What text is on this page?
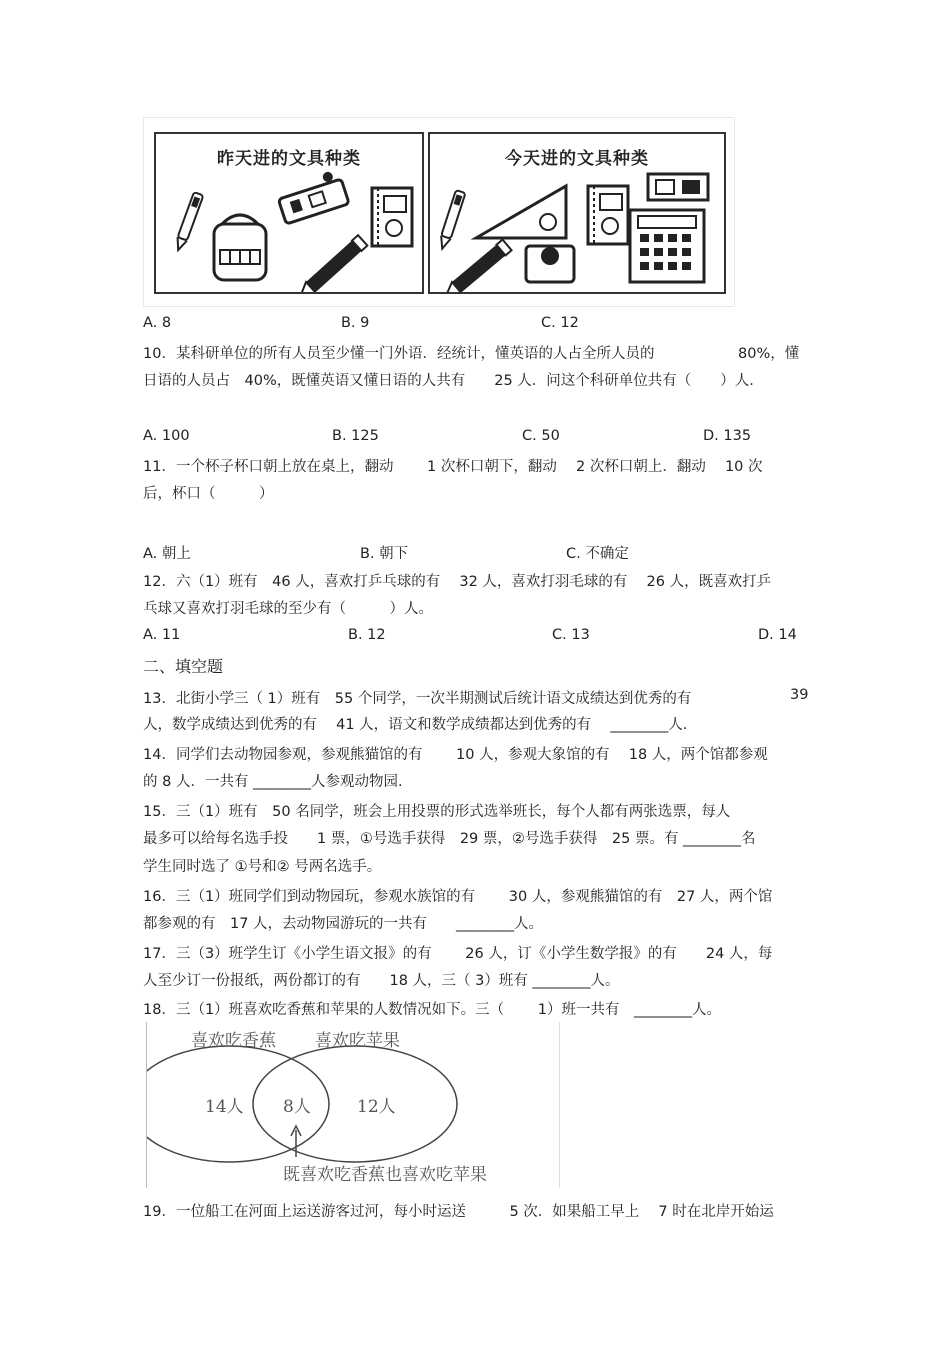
昨天进的文具种类	今天进的文具种类
A. 8	B. 9	C. 12
10．某科研单位的所有人员至少懂一门外语．经统计，懂英语的人占全所人员的	80%，懂
日语的人员占　40%，既懂英语又懂日语的人共有　　25 人．问这个科研单位共有（　　）人．
A. 100	B. 125	C. 50	D. 135
11．一个杯子杯口朝上放在桌上，翻动　　 1 次杯口朝下，翻动　 2 次杯口朝上．翻动　 10 次
后，杯口（　　　）
A. 朝上	B. 朝下	C. 不确定
12．六（1）班有　46 人，喜欢打乒乓球的有　 32 人，喜欢打羽毛球的有　 26 人，既喜欢打乒
乓球又喜欢打羽毛球的至少有（　　　）人。
A. 11	B. 12	C. 13	D. 14
二、填空题
13．北街小学三（ 1）班有　55 个同学，一次半期测试后统计语文成绩达到优秀的有	39
人，数学成绩达到优秀的有　 41 人，语文和数学成绩都达到优秀的有　 ________人.
14．同学们去动物园参观，参观熊猫馆的有　　 10 人，参观大象馆的有　 18 人，两个馆都参观
的 8 人．一共有 ________人参观动物园.
15．三（1）班有　50 名同学，班会上用投票的形式选举班长，每个人都有两张选票，每人
最多可以给每名选手投　　1 票，①号选手获得　29 票，②号选手获得　25 票。有 ________名
学生同时选了 ①号和② 号两名选手。
16．三（1）班同学们到动物园玩，参观水族馆的有　　 30 人，参观熊猫馆的有　27 人，两个馆
都参观的有　17 人，去动物园游玩的一共有　　________人。
17．三（3）班学生订《小学生语文报》的有　　 26 人，订《小学生数学报》的有　　24 人，每
人至少订一份报纸，两份都订的有　　18 人，三（ 3）班有 ________人。
18．三（1）班喜欢吃香蕉和苹果的人数情况如下。三（　　 1）班一共有　________人。
喜欢吃香蕉 喜欢吃苹果
14人 8人	12人
既喜欢吃香蕉也喜欢吃苹果
19．一位船工在河面上运送游客过河，每小时运送　　　5 次．如果船工早上　 7 时在北岸开始运
